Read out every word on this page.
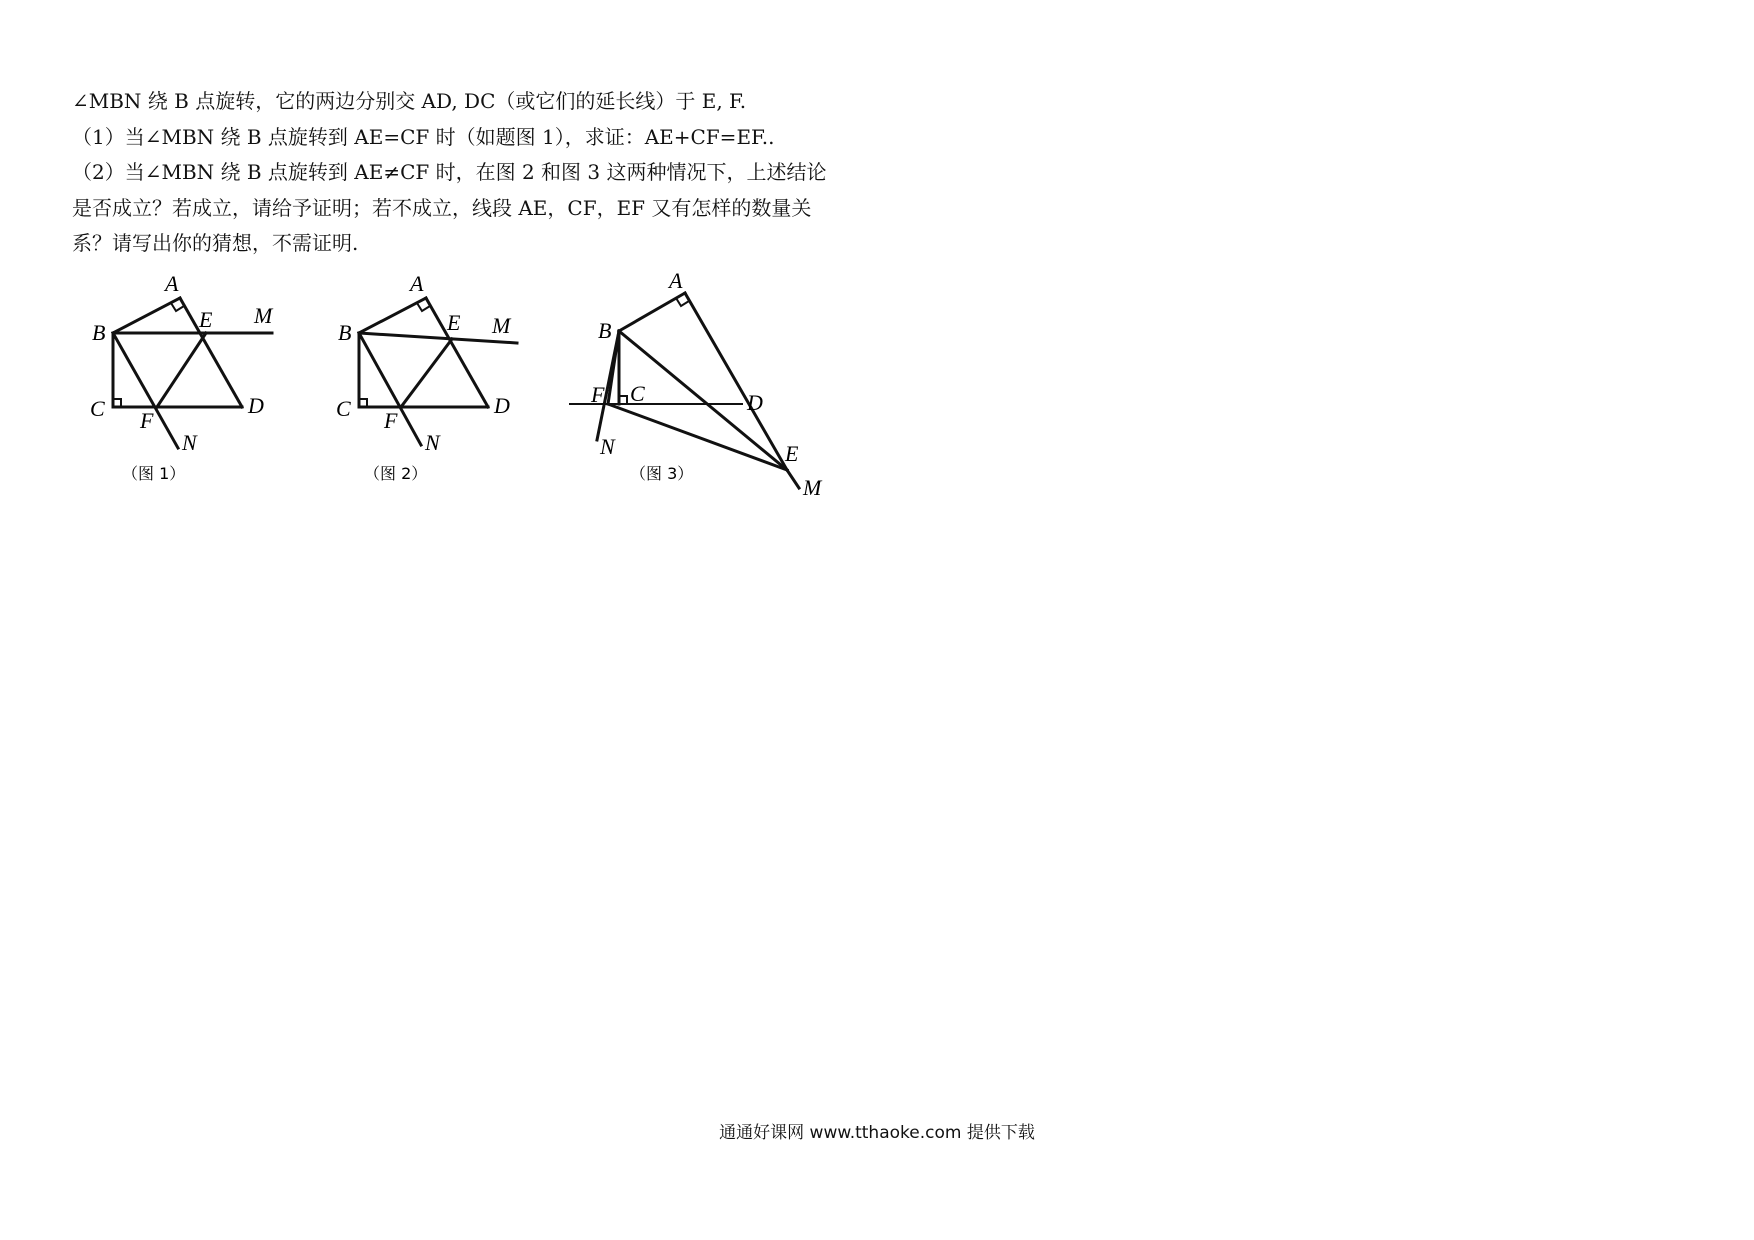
∠MBN 绕 B 点旋转，它的两边分别交 AD, DC（或它们的延长线）于 E, F.
（1）当∠MBN 绕 B 点旋转到 AE=CF 时（如题图 1），求证：AE+CF=EF..
（2）当∠MBN 绕 B 点旋转到 AE≠CF 时，在图 2 和图 3 这两种情况下，上述结论
是否成立？若成立，请给予证明；若不成立，线段 AE，CF，EF 又有怎样的数量关
系？请写出你的猜想，不需证明.
A
B
C	D
E
F
M
N
（图 1）
A
B
C	D
E
F
M
N
（图 2）
A
B
C	D
E
F
M
N
（图 3）
通通好课网 www.tthaoke.com 提供下载
